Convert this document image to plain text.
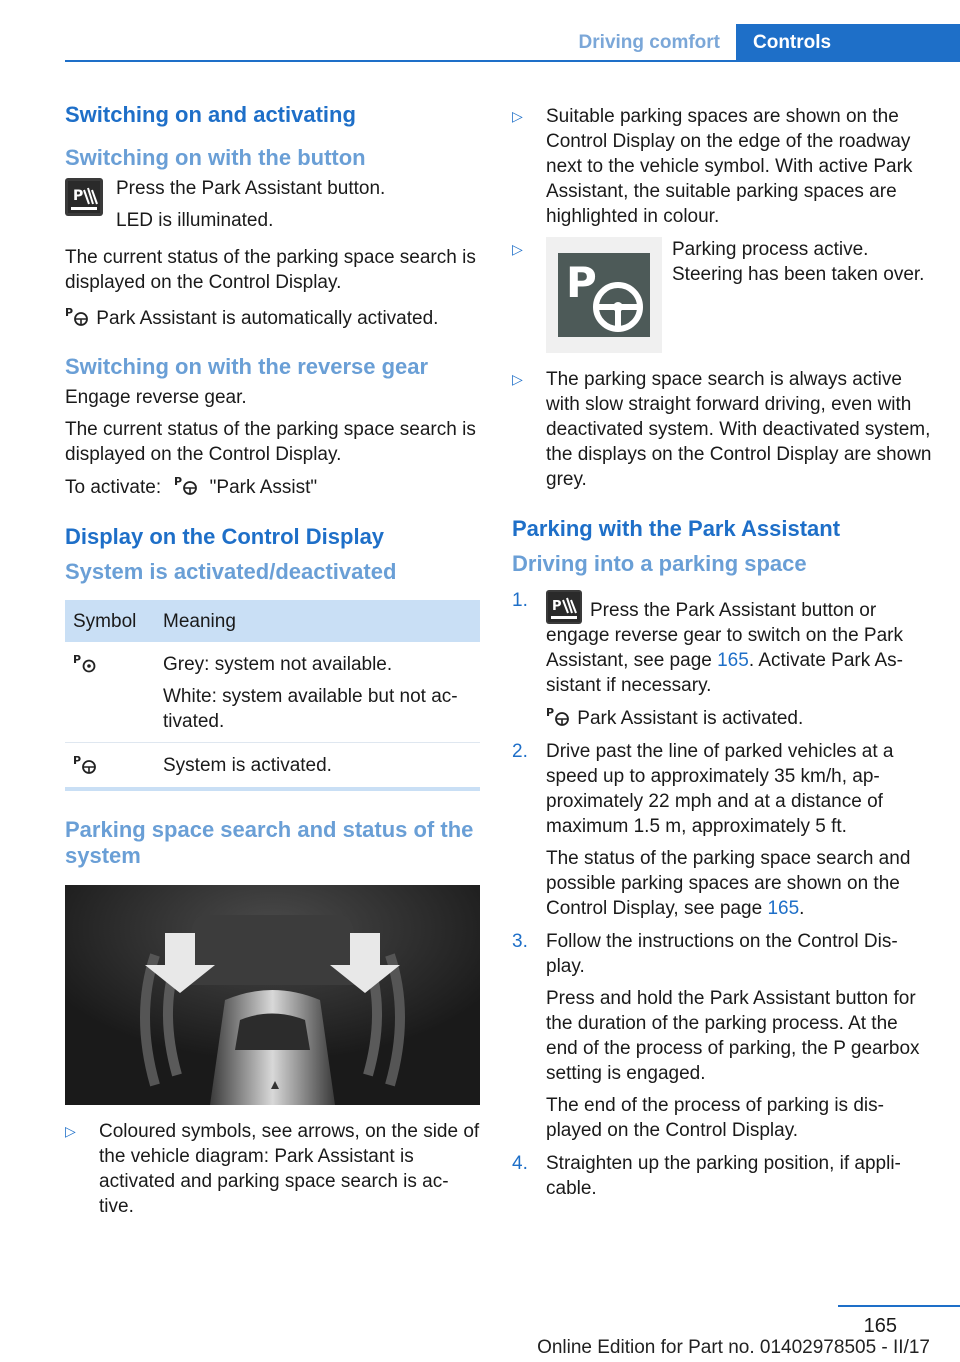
Driving comfort	Controls
Switching on and activating
Switching on with the button
P Press the Park Assistant button.

LED is illuminated.

The current status of the parking space search is displayed on the Control Display.

P Park Assistant is automatically activated.

Switching on with the reverse gear

Engage reverse gear.

The current status of the parking space search is displayed on the Control Display.

To activate: P "Park Assist"

Display on the Control Display
System is activated/deactivated
Symbol	Meaning

P	Grey: system not available.

White: system available but not ac‐ tivated.

P	System is activated.
Parking space search and status of the system
▷ Coloured symbols, see arrows, on the side of the vehicle diagram: Park Assistant is activated and parking space search is ac‐ tive.
▷ Suitable parking spaces are shown on the Control Display on the edge of the roadway next to the vehicle symbol. With active Park Assistant, the suitable parking spaces are highlighted in colour.
▷
P
Parking process active. Steering has been taken over.
▷ The parking space search is always active with slow straight forward driving, even with deactivated system. With deactivated system, the displays on the Control Display are shown grey.
Parking with the Park Assistant
Driving into a parking space
1. P Press the Park Assistant button or engage reverse gear to switch on the Park Assistant, see page 165. Activate Park As‐ sistant if necessary.

P Park Assistant is activated.

2. Drive past the line of parked vehicles at a speed up to approximately 35 km/h, ap‐ proximately 22 mph and at a distance of maximum 1.5 m, approximately 5 ft.

The status of the parking space search and possible parking spaces are shown on the Control Display, see page 165.

3. Follow the instructions on the Control Dis‐ play.

Press and hold the Park Assistant button for the duration of the parking process. At the end of the process of parking, the P gearbox setting is engaged.

The end of the process of parking is dis‐ played on the Control Display.

4. Straighten up the parking position, if appli‐ cable.

165
Online Edition for Part no. 01402978505 - II/17
